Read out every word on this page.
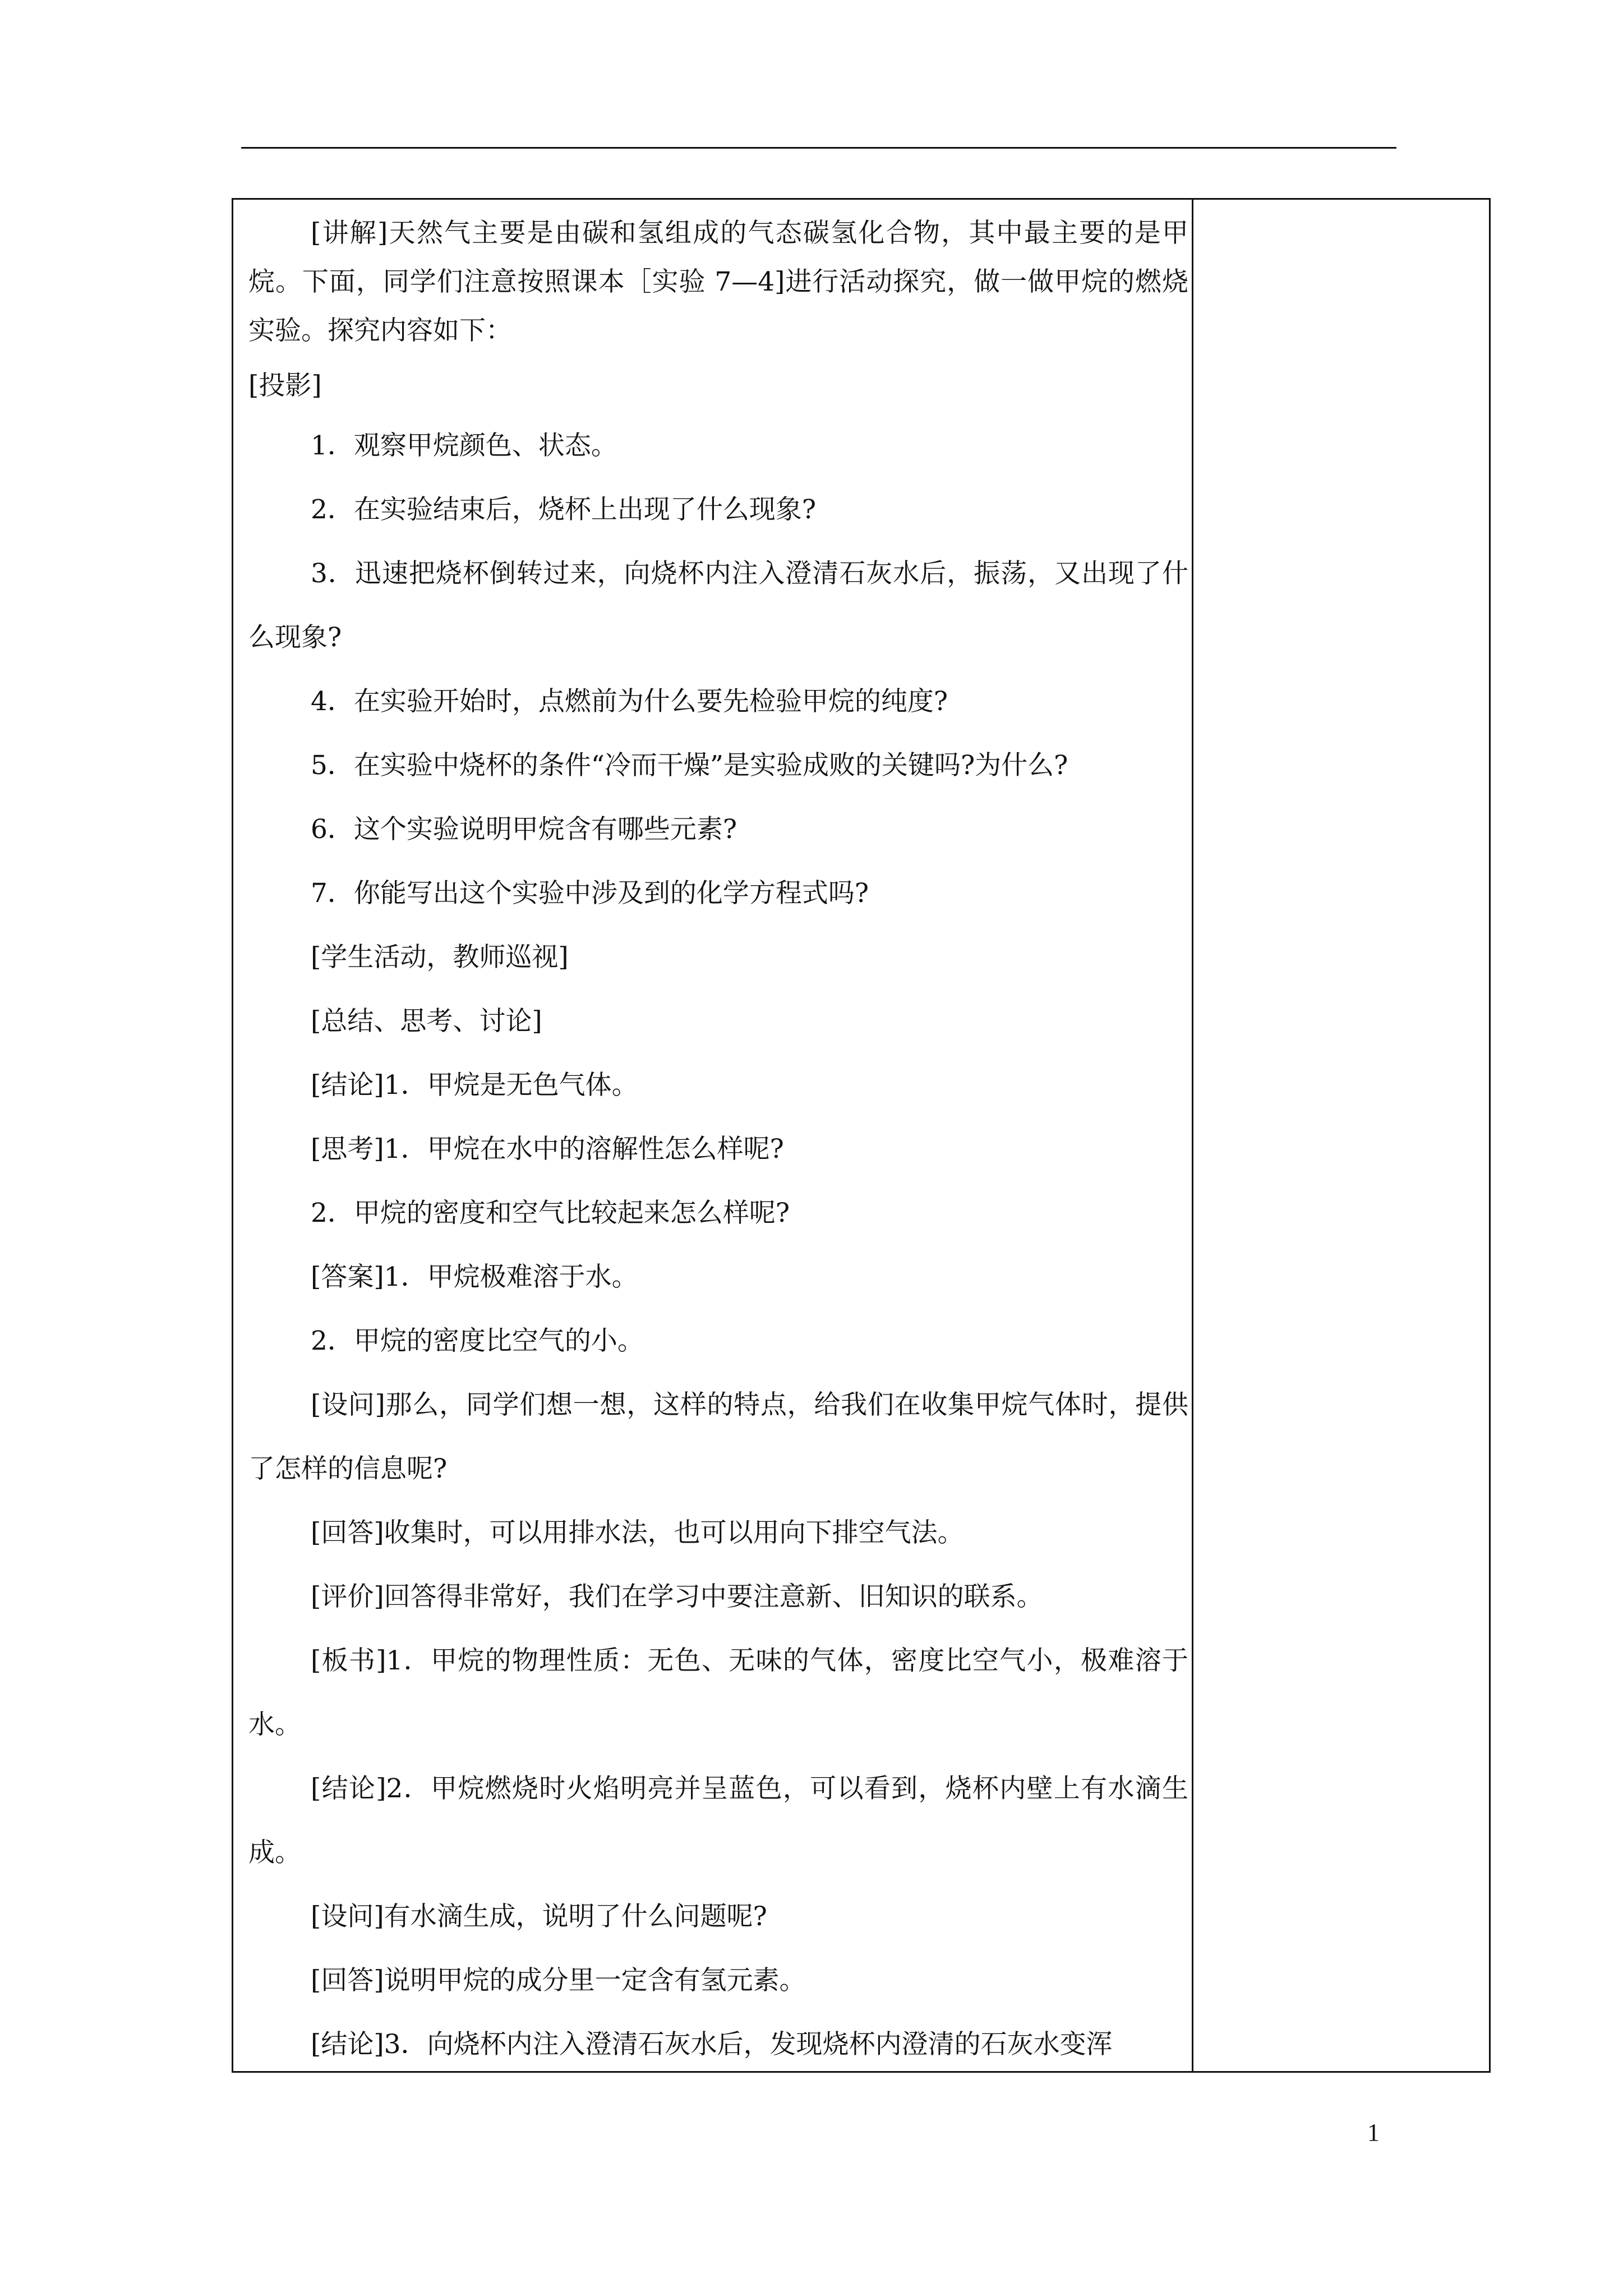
[讲解]天然气主要是由碳和氢组成的气态碳氢化合物，其中最主要的是甲烷。下面，同学们注意按照课本［实验 7—4]进行活动探究，做一做甲烷的燃烧实验。探究内容如下：

[投影]

1．观察甲烷颜色、状态。

2．在实验结束后，烧杯上出现了什么现象?

3．迅速把烧杯倒转过来，向烧杯内注入澄清石灰水后，振荡，又出现了什么现象?

4．在实验开始时，点燃前为什么要先检验甲烷的纯度?

5．在实验中烧杯的条件“冷而干燥”是实验成败的关键吗?为什么?

6．这个实验说明甲烷含有哪些元素?

7．你能写出这个实验中涉及到的化学方程式吗?

[学生活动，教师巡视]

[总结、思考、讨论]

[结论]1．甲烷是无色气体。

[思考]1．甲烷在水中的溶解性怎么样呢?

2．甲烷的密度和空气比较起来怎么样呢?

[答案]1．甲烷极难溶于水。

2．甲烷的密度比空气的小。

[设问]那么，同学们想一想，这样的特点，给我们在收集甲烷气体时，提供了怎样的信息呢?

[回答]收集时，可以用排水法，也可以用向下排空气法。

[评价]回答得非常好，我们在学习中要注意新、旧知识的联系。

[板书]1．甲烷的物理性质：无色、无味的气体，密度比空气小，极难溶于水。

[结论]2．甲烷燃烧时火焰明亮并呈蓝色，可以看到，烧杯内壁上有水滴生成。

[设问]有水滴生成，说明了什么问题呢?

[回答]说明甲烷的成分里一定含有氢元素。

[结论]3．向烧杯内注入澄清石灰水后，发现烧杯内澄清的石灰水变浑

1
